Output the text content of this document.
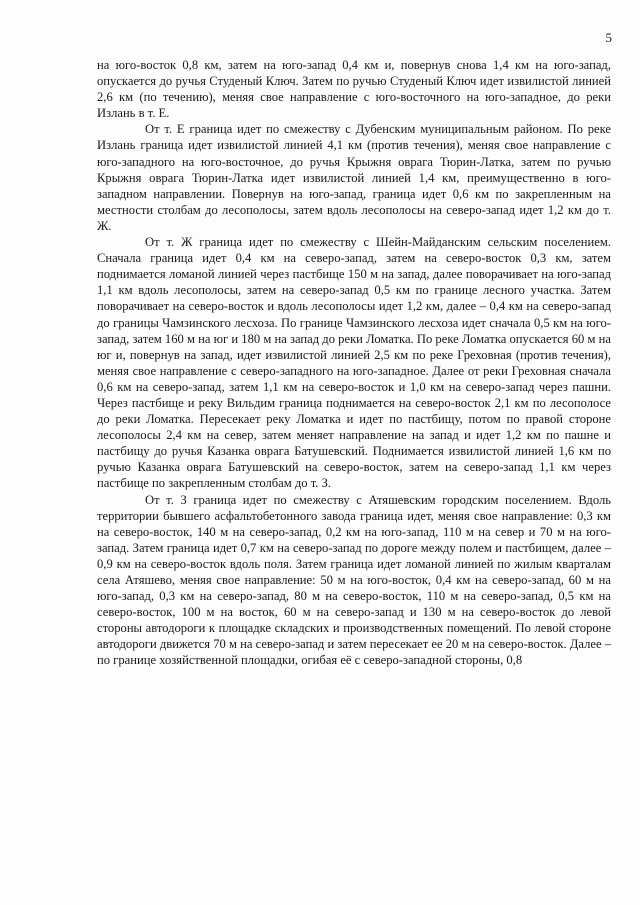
5

на юго-восток 0,8 км, затем на юго-запад 0,4 км и, повернув снова 1,4 км на юго-запад, опускается до ручья Студеный Ключ. Затем по ручью Студеный Ключ идет извилистой линией 2,6 км (по течению), меняя свое направление с юго-восточного на юго-западное, до реки Излань в т. Е.

От т. Е граница идет по смежеству с Дубенским муниципальным районом. По реке Излань граница идет извилистой линией 4,1 км (против течения), меняя свое направление с юго-западного на юго-восточное, до ручья Крыжня оврага Тюрин-Латка, затем по ручью Крыжня оврага Тюрин-Латка идет извилистой линией 1,4 км, преимущественно в юго-западном направлении. Повернув на юго-запад, граница идет 0,6 км по закрепленным на местности столбам до лесополосы, затем вдоль лесополосы на северо-запад идет 1,2 км до т. Ж.

От т. Ж граница идет по смежеству с Шейн-Майданским сельским поселением. Сначала граница идет 0,4 км на северо-запад, затем на северо-восток 0,3 км, затем поднимается ломаной линией через пастбище 150 м на запад, далее поворачивает на юго-запад 1,1 км вдоль лесополосы, затем на северо-запад 0,5 км по границе лесного участка. Затем поворачивает на северо-восток и вдоль лесополосы идет 1,2 км, далее – 0,4 км на северо-запад до границы Чамзинского лесхоза. По границе Чамзинского лесхоза идет сначала 0,5 км на юго-запад, затем 160 м на юг и 180 м на запад до реки Ломатка. По реке Ломатка опускается 60 м на юг и, повернув на запад, идет извилистой линией 2,5 км по реке Греховная (против течения), меняя свое направление с северо-западного на юго-западное. Далее от реки Греховная сначала 0,6 км на северо-запад, затем 1,1 км на северо-восток и 1,0 км на северо-запад через пашни. Через пастбище и реку Вильдим граница поднимается на северо-восток 2,1 км по лесополосе до реки Ломатка. Пересекает реку Ломатка и идет по пастбищу, потом по правой стороне лесополосы 2,4 км на север, затем меняет направление на запад и идет 1,2 км по пашне и пастбищу до ручья Казанка оврага Батушевский. Поднимается извилистой линией 1,6 км по ручью Казанка оврага Батушевский на северо-восток, затем на северо-запад 1,1 км через пастбище по закрепленным столбам до т. З.

От т. З граница идет по смежеству с Атяшевским городским поселением. Вдоль территории бывшего асфальтобетонного завода граница идет, меняя свое направление: 0,3 км на северо-восток, 140 м на северо-запад, 0,2 км на юго-запад, 110 м на север и 70 м на юго-запад. Затем граница идет 0,7 км на северо-запад по дороге между полем и пастбищем, далее – 0,9 км на северо-восток вдоль поля. Затем граница идет ломаной линией по жилым кварталам села Атяшево, меняя свое направление: 50 м на юго-восток, 0,4 км на северо-запад, 60 м на юго-запад, 0,3 км на северо-запад, 80 м на северо-восток, 110 м на северо-запад, 0,5 км на северо-восток, 100 м на восток, 60 м на северо-запад и 130 м на северо-восток до левой стороны автодороги к площадке складских и производственных помещений. По левой стороне автодороги движется 70 м на северо-запад и затем пересекает ее 20 м на северо-восток. Далее – по границе хозяйственной площадки, огибая её с северо-западной стороны, 0,8
